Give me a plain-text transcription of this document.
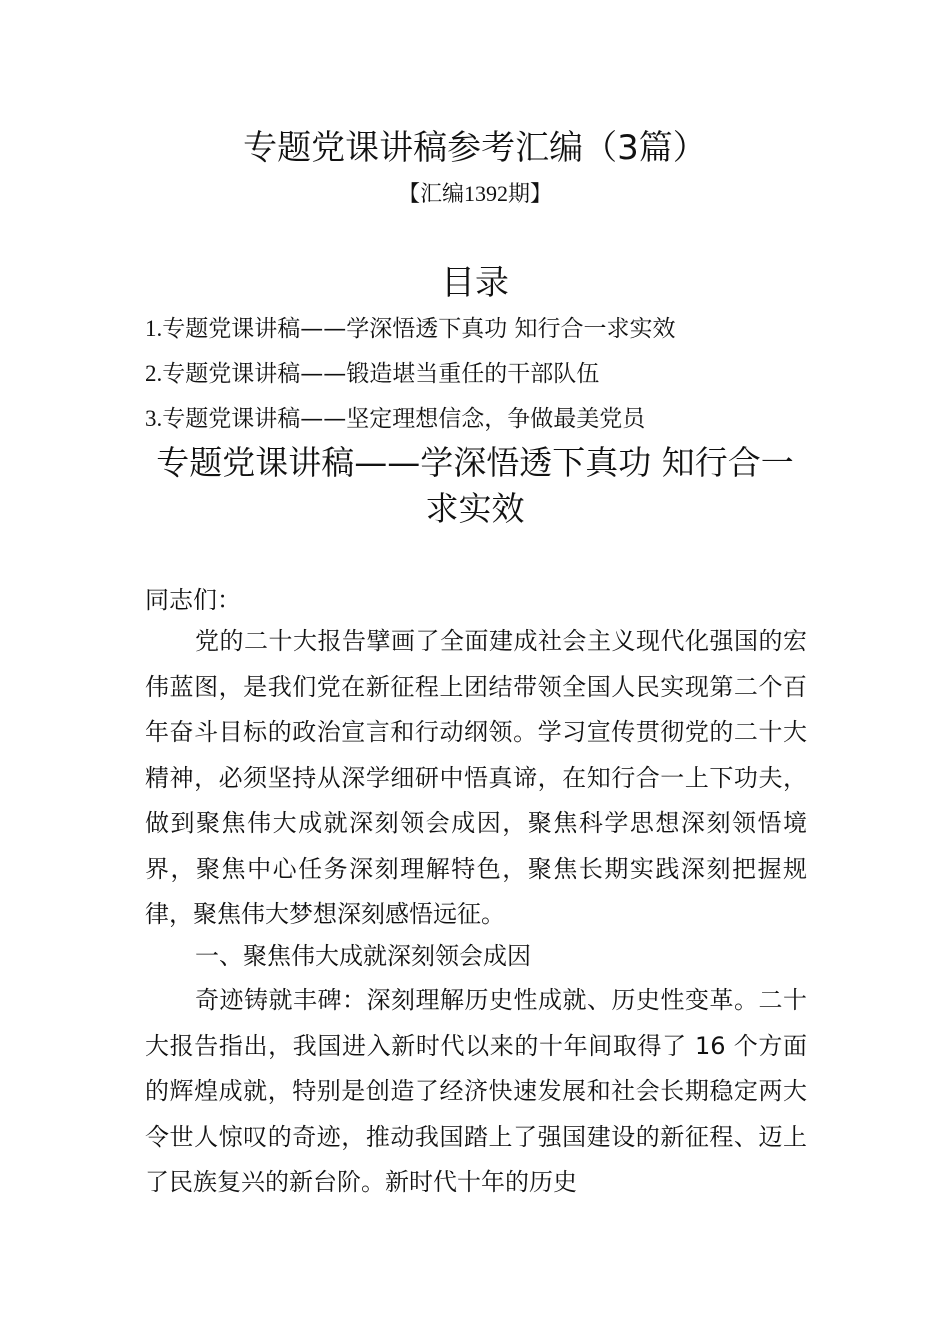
专题党课讲稿参考汇编（3篇）
【汇编1392期】
目录
1.专题党课讲稿——学深悟透下真功 知行合一求实效
2.专题党课讲稿——锻造堪当重任的干部队伍
3.专题党课讲稿——坚定理想信念，争做最美党员
专题党课讲稿——学深悟透下真功 知行合一求实效
同志们：
党的二十大报告擘画了全面建成社会主义现代化强国的宏伟蓝图，是我们党在新征程上团结带领全国人民实现第二个百年奋斗目标的政治宣言和行动纲领。学习宣传贯彻党的二十大精神，必须坚持从深学细研中悟真谛，在知行合一上下功夫，做到聚焦伟大成就深刻领会成因，聚焦科学思想深刻领悟境界，聚焦中心任务深刻理解特色，聚焦长期实践深刻把握规律，聚焦伟大梦想深刻感悟远征。
一、聚焦伟大成就深刻领会成因
奇迹铸就丰碑：深刻理解历史性成就、历史性变革。二十大报告指出，我国进入新时代以来的十年间取得了 16 个方面的辉煌成就，特别是创造了经济快速发展和社会长期稳定两大令世人惊叹的奇迹，推动我国踏上了强国建设的新征程、迈上了民族复兴的新台阶。新时代十年的历史
